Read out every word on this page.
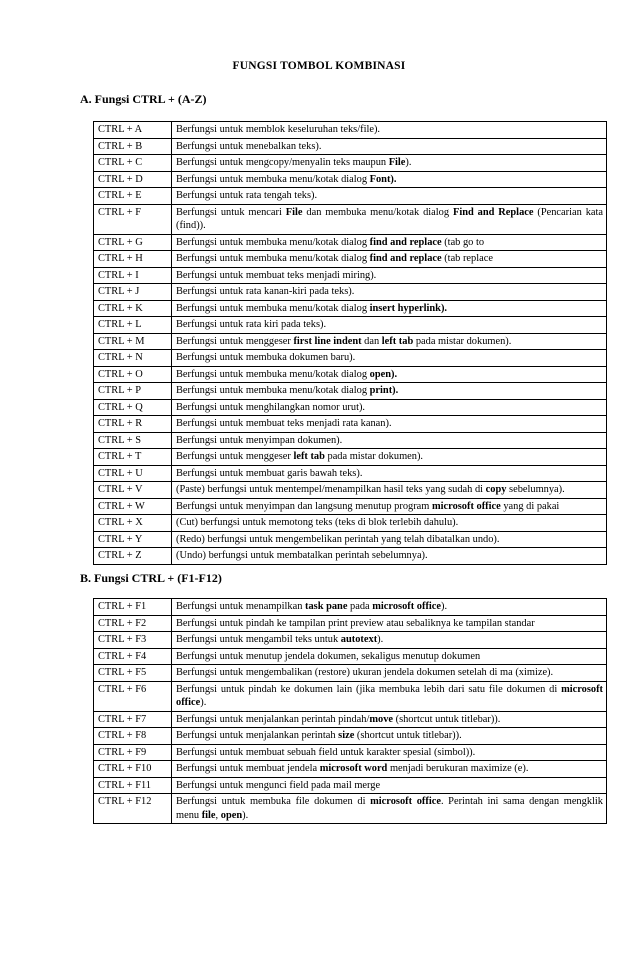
FUNGSI TOMBOL KOMBINASI
A. Fungsi CTRL + (A-Z)
CTRL + A	Berfungsi untuk memblok keseluruhan teks/file).
CTRL + B	Berfungsi untuk menebalkan teks).
CTRL + C	Berfungsi untuk mengcopy/menyalin teks maupun File).
CTRL + D	Berfungsi untuk membuka menu/kotak dialog Font).
CTRL + E	Berfungsi untuk rata tengah teks).
CTRL + F	Berfungsi untuk mencari File dan membuka menu/kotak dialog Find and Replace (Pencarian kata (find)).
CTRL + G	Berfungsi untuk membuka menu/kotak dialog find and replace (tab go to
CTRL + H	Berfungsi untuk membuka menu/kotak dialog find and replace (tab replace
CTRL + I	Berfungsi untuk membuat teks menjadi miring).
CTRL + J	Berfungsi untuk rata kanan-kiri pada teks).
CTRL + K	Berfungsi untuk membuka menu/kotak dialog insert hyperlink).
CTRL + L	Berfungsi untuk rata kiri pada teks).
CTRL + M	Berfungsi untuk menggeser first line indent dan left tab pada mistar dokumen).
CTRL + N	Berfungsi untuk membuka dokumen baru).
CTRL + O	Berfungsi untuk membuka menu/kotak dialog open).
CTRL + P	Berfungsi untuk membuka menu/kotak dialog print).
CTRL + Q	Berfungsi untuk menghilangkan nomor urut).
CTRL + R	Berfungsi untuk membuat teks menjadi rata kanan).
CTRL + S	Berfungsi untuk menyimpan dokumen).
CTRL + T	Berfungsi untuk menggeser left tab pada mistar dokumen).
CTRL + U	Berfungsi untuk membuat garis bawah teks).
CTRL + V	(Paste) berfungsi untuk mentempel/menampilkan hasil teks yang sudah di copy sebelumnya).
CTRL + W	Berfungsi untuk menyimpan dan langsung menutup program microsoft office yang di pakai
CTRL + X	(Cut) berfungsi untuk memotong teks (teks di blok terlebih dahulu).
CTRL + Y	(Redo) berfungsi untuk mengembelikan perintah yang telah dibatalkan undo).
CTRL + Z	(Undo) berfungsi untuk membatalkan perintah sebelumnya).
B. Fungsi CTRL + (F1-F12)
CTRL + F1	Berfungsi untuk menampilkan task pane pada microsoft office).
CTRL + F2	Berfungsi untuk pindah ke tampilan print preview atau sebaliknya ke tampilan standar
CTRL + F3	Berfungsi untuk mengambil teks untuk autotext).
CTRL + F4	Berfungsi untuk menutup jendela dokumen, sekaligus menutup dokumen
CTRL + F5	Berfungsi untuk mengembalikan (restore) ukuran jendela dokumen setelah di ma (ximize).
CTRL + F6	Berfungsi untuk pindah ke dokumen lain (jika membuka lebih dari satu file dokumen di microsoft office).
CTRL + F7	Berfungsi untuk menjalankan perintah pindah/move (shortcut untuk titlebar)).
CTRL + F8	Berfungsi untuk menjalankan perintah size (shortcut untuk titlebar)).
CTRL + F9	Berfungsi untuk membuat sebuah field untuk karakter spesial (simbol)).
CTRL + F10	Berfungsi untuk membuat jendela microsoft word menjadi berukuran maximize (e).
CTRL + F11	Berfungsi untuk mengunci field pada mail merge
CTRL + F12	Berfungsi untuk membuka file dokumen di microsoft office. Perintah ini sama dengan mengklik menu file, open).
